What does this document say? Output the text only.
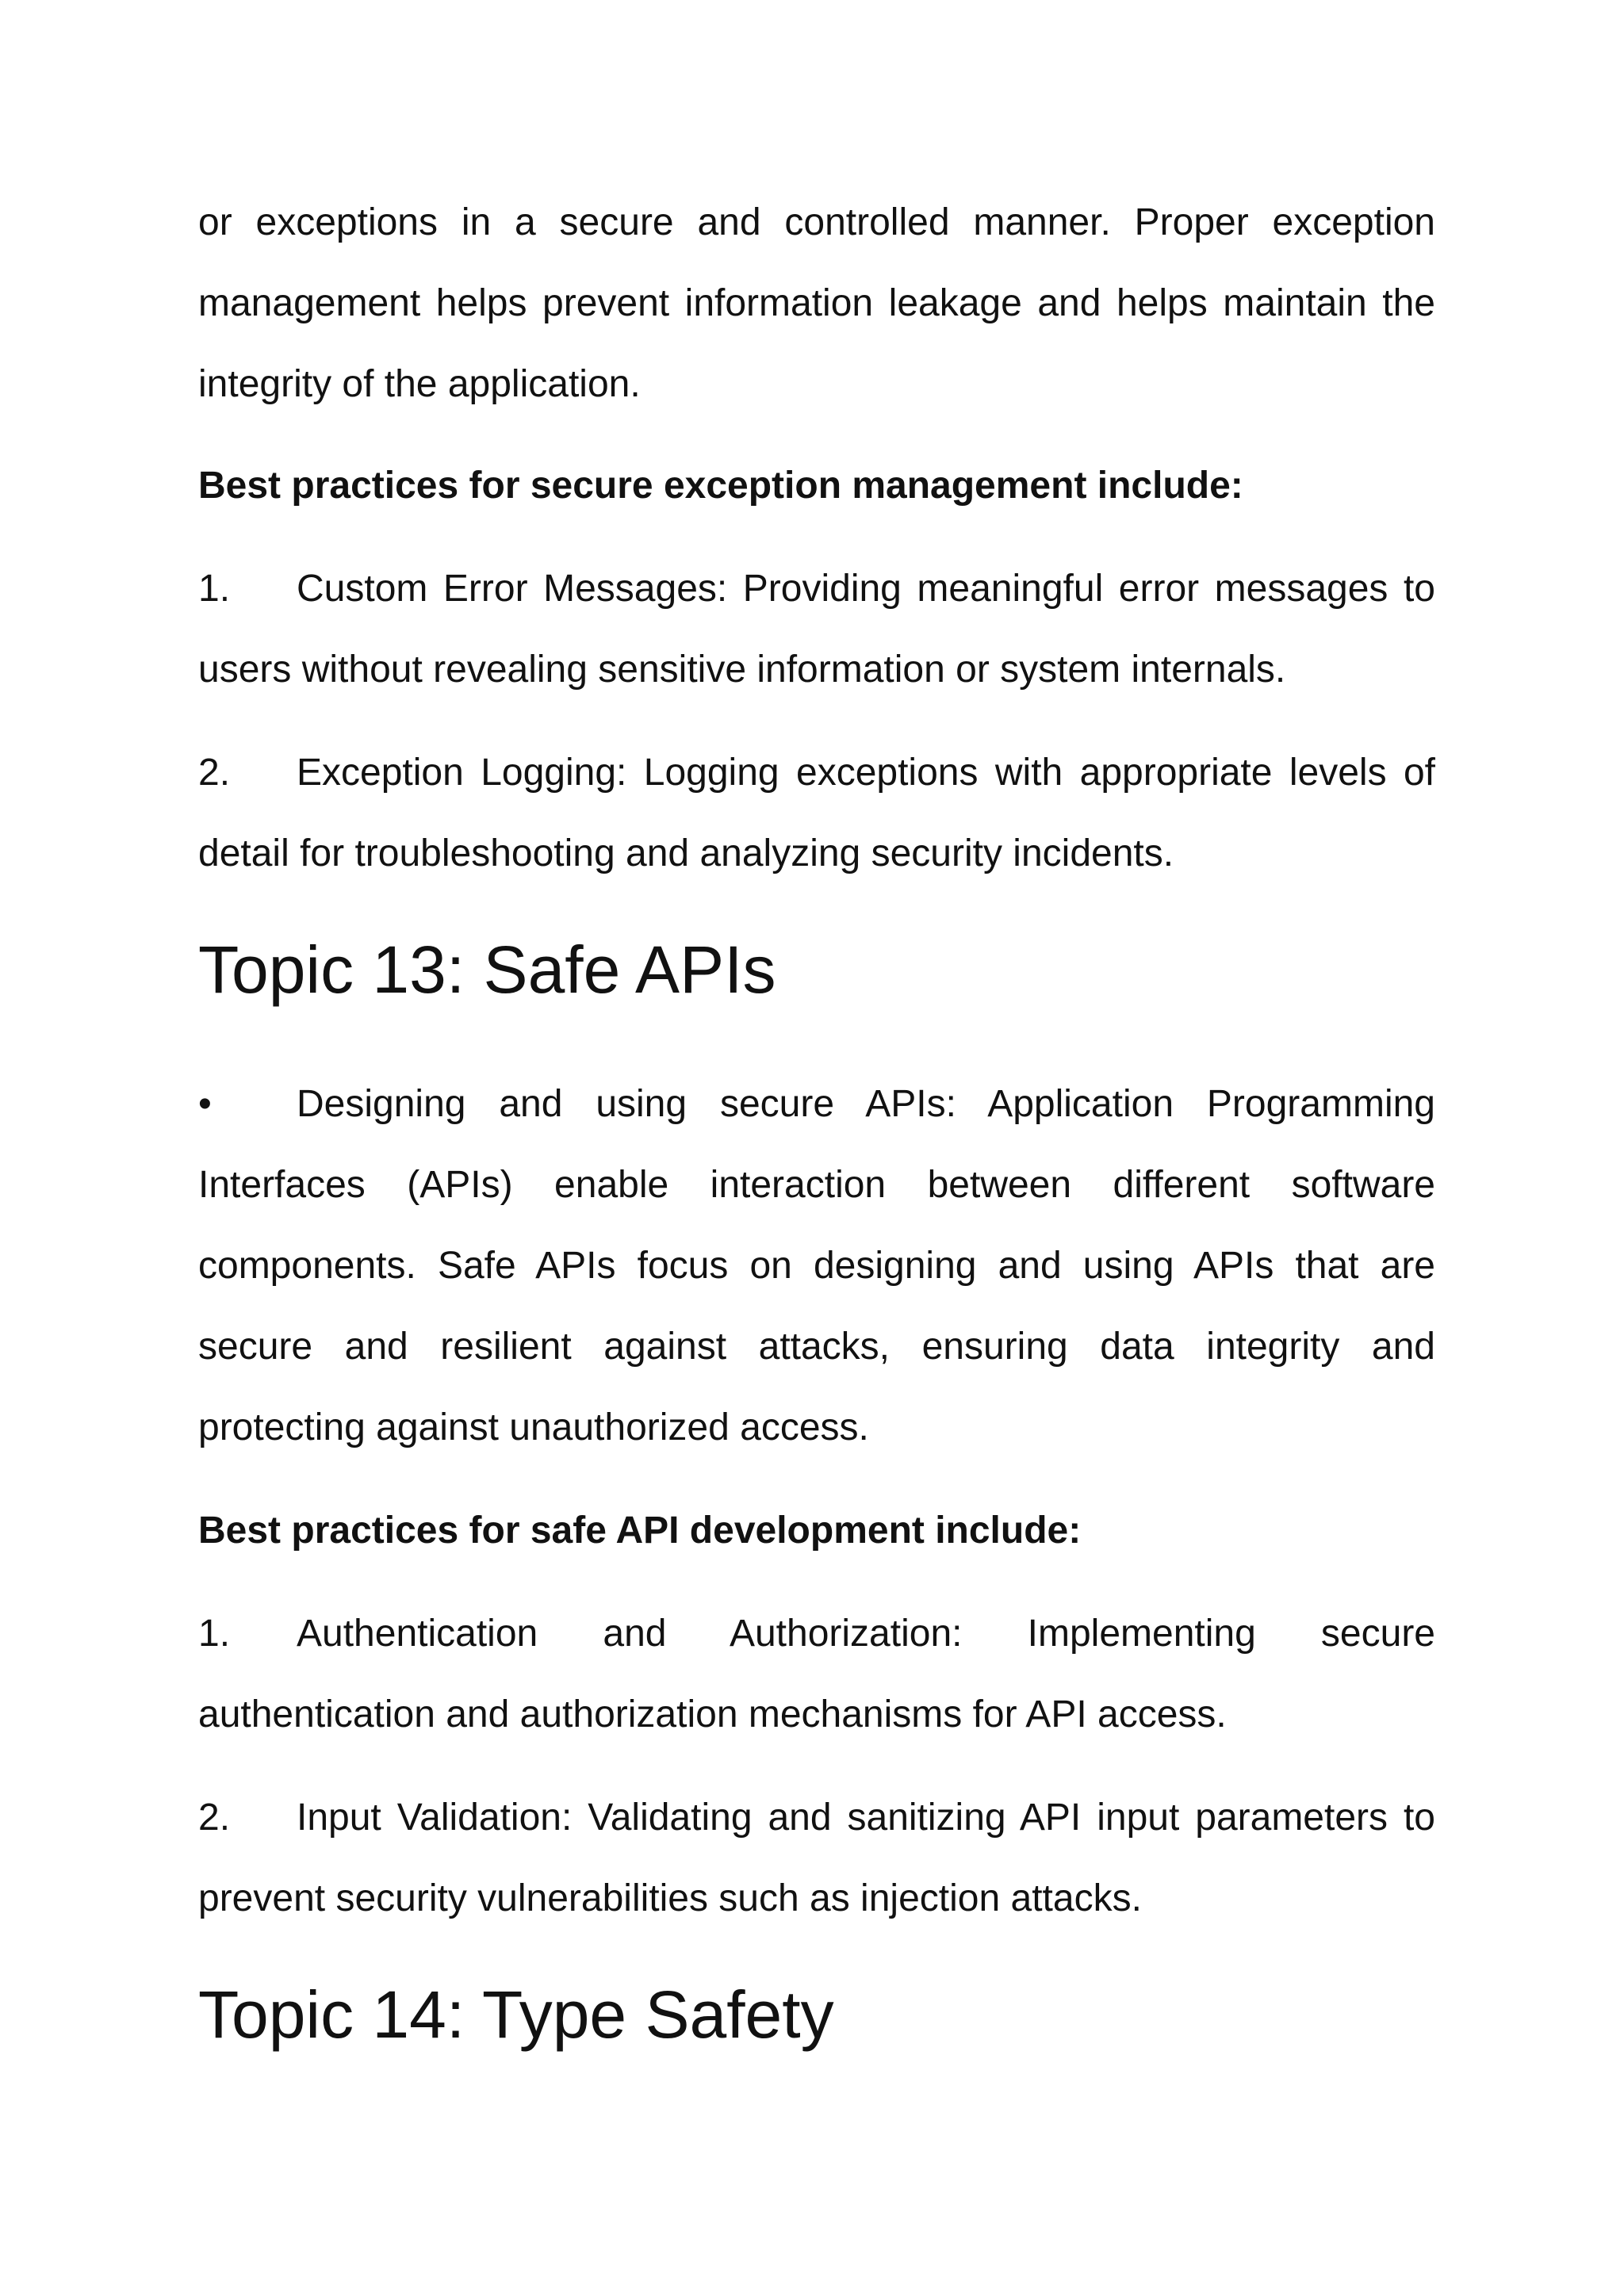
or exceptions in a secure and controlled manner. Proper exception management helps prevent information leakage and helps maintain the integrity of the application.

Best practices for secure exception management include:

1. Custom Error Messages: Providing meaningful error messages to users without revealing sensitive information or system internals.

2. Exception Logging: Logging exceptions with appropriate levels of detail for troubleshooting and analyzing security incidents.

Topic 13: Safe APIs

• Designing and using secure APIs: Application Programming Interfaces (APIs) enable interaction between different software components. Safe APIs focus on designing and using APIs that are secure and resilient against attacks, ensuring data integrity and protecting against unauthorized access.

Best practices for safe API development include:

1. Authentication and Authorization: Implementing secure authentication and authorization mechanisms for API access.

2. Input Validation: Validating and sanitizing API input parameters to prevent security vulnerabilities such as injection attacks.

Topic 14: Type Safety
